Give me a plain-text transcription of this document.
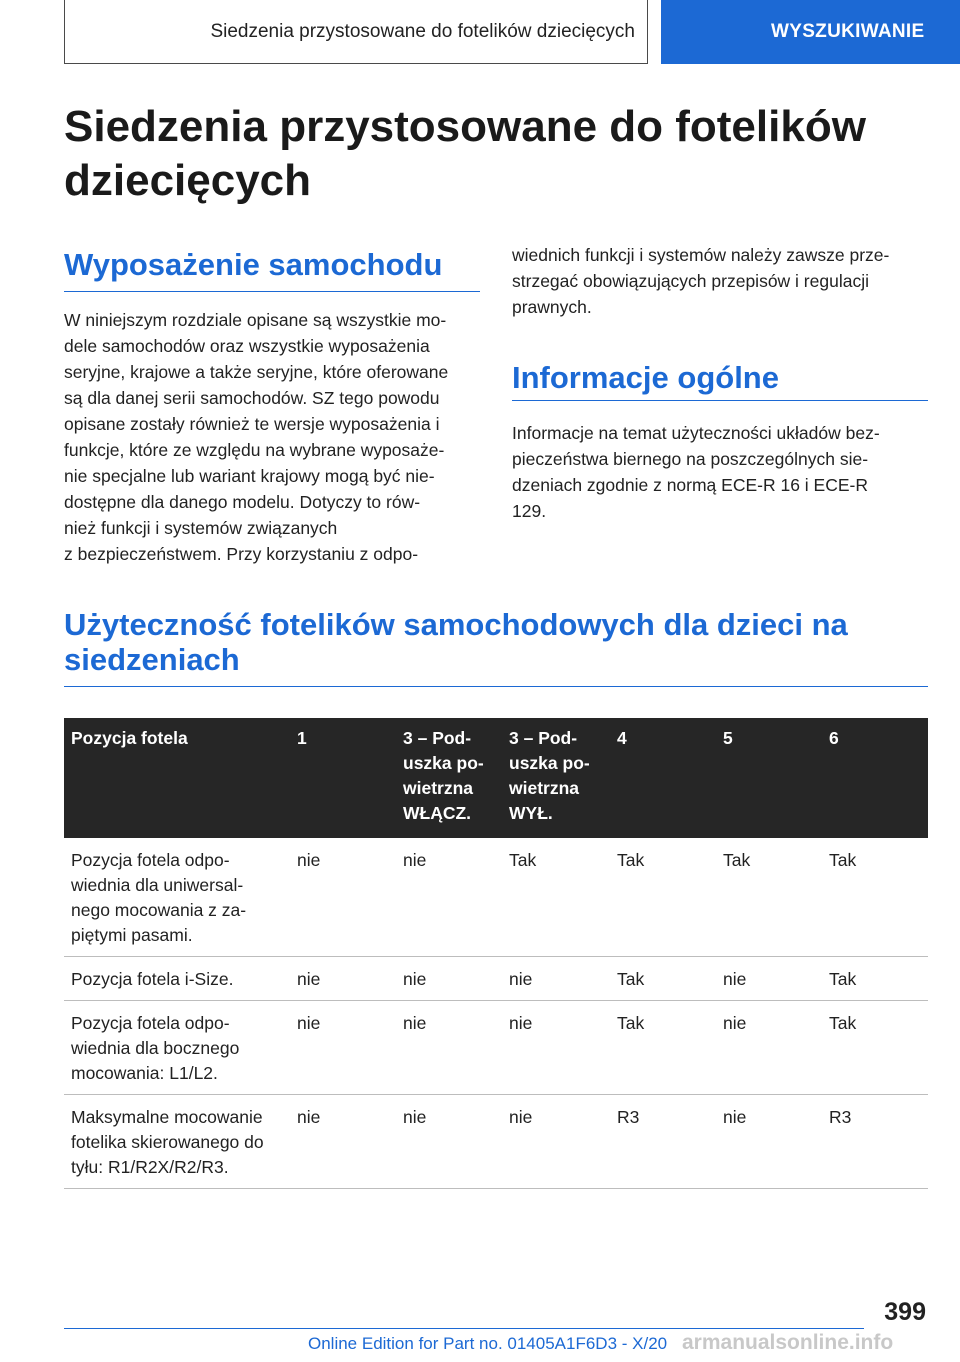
Siedzenia przystosowane do fotelików dziecięcych	WYSZUKIWANIE
Siedzenia przystosowane do fotelików dziecięcych
Wyposażenie samochodu
W niniejszym rozdziale opisane są wszystkie mo‐
dele samochodów oraz wszystkie wyposażenia
seryjne, krajowe a także seryjne, które oferowane
są dla danej serii samochodów. SZ tego powodu
opisane zostały również te wersje wyposażenia i
funkcje, które ze względu na wybrane wyposaże‐
nie specjalne lub wariant krajowy mogą być nie‐
dostępne dla danego modelu. Dotyczy to rów‐
nież funkcji i systemów związanych
z bezpieczeństwem. Przy korzystaniu z odpo‐
wiednich funkcji i systemów należy zawsze prze‐
strzegać obowiązujących przepisów i regulacji
prawnych.
Informacje ogólne
Informacje na temat użyteczności układów bez‐
pieczeństwa biernego na poszczególnych sie‐
dzeniach zgodnie z normą ECE-R 16 i ECE-R
129.
Użyteczność fotelików samochodowych dla dzieci na siedzeniach
Pozycja fotela	1	3 – Pod‐ uszka po‐ wietrzna WŁĄCZ.	3 – Pod‐ uszka po‐ wietrzna WYŁ.	4	5	6
Pozycja fotela odpo‐ wiednia dla uniwersal‐ nego mocowania z za‐ piętymi pasami.	nie	nie	Tak	Tak	Tak	Tak
Pozycja fotela i-Size.	nie	nie	nie	Tak	nie	Tak
Pozycja fotela odpo‐ wiednia dla bocznego mocowania: L1/L2.	nie	nie	nie	Tak	nie	Tak
Maksymalne mocowanie fotelika skierowanego do tyłu: R1/R2X/R2/R3.	nie	nie	nie	R3	nie	R3
399
Online Edition for Part no. 01405A1F6D3 - X/20 armanualsonline.info
